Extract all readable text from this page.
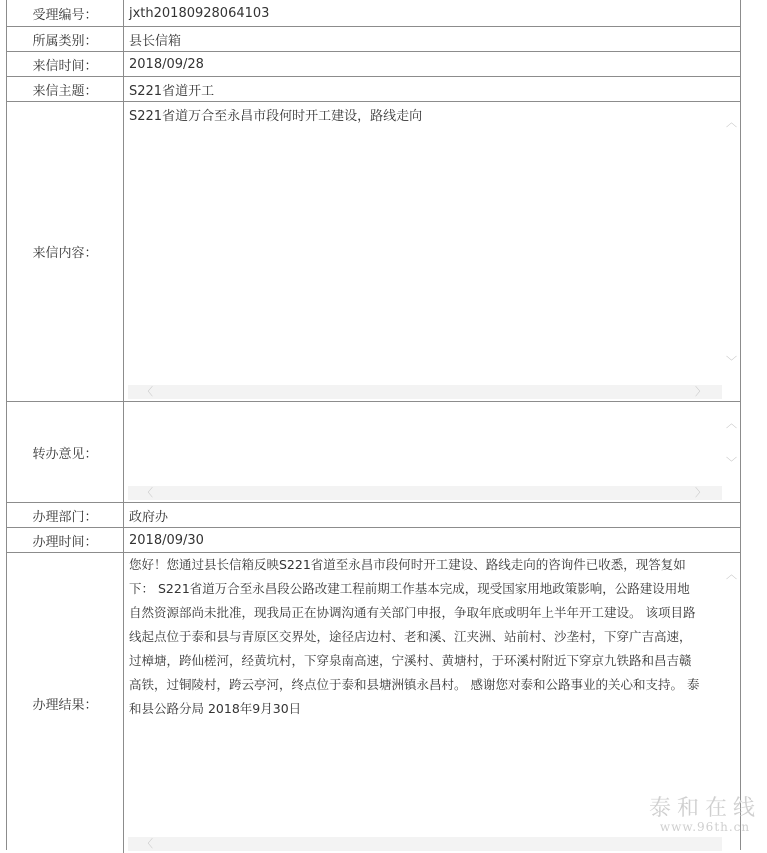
受理编号：	jxth20180928064103
所属类别：	县长信箱
来信时间：	2018/09/28
来信主题：	S221省道开工
来信内容：
S221省道万合至永昌市段何时开工建设，路线走向	︿
﹀
〈	〉
转办意见：
︿
﹀
〈	〉
办理部门：	政府办
办理时间：	2018/09/30
办理结果：
您好！您通过县长信箱反映S221省道至永昌市段何时开工建设、路线走向的咨询件已收悉，现答复如
下： S221省道万合至永昌段公路改建工程前期工作基本完成，现受国家用地政策影响，公路建设用地
自然资源部尚未批准，现我局正在协调沟通有关部门申报，争取年底或明年上半年开工建设。 该项目路
线起点位于泰和县与青原区交界处，途径店边村、老和溪、江夹洲、站前村、沙垄村，下穿广吉高速，
过樟塘，跨仙槎河，经黄坑村，下穿泉南高速，宁溪村、黄塘村，于环溪村附近下穿京九铁路和昌吉赣
高铁，过铜陵村，跨云亭河，终点位于泰和县塘洲镇永昌村。 感谢您对泰和公路事业的关心和支持。 泰
和县公路分局 2018年9月30日
︿
〈
泰和在线
www.96th.cn
